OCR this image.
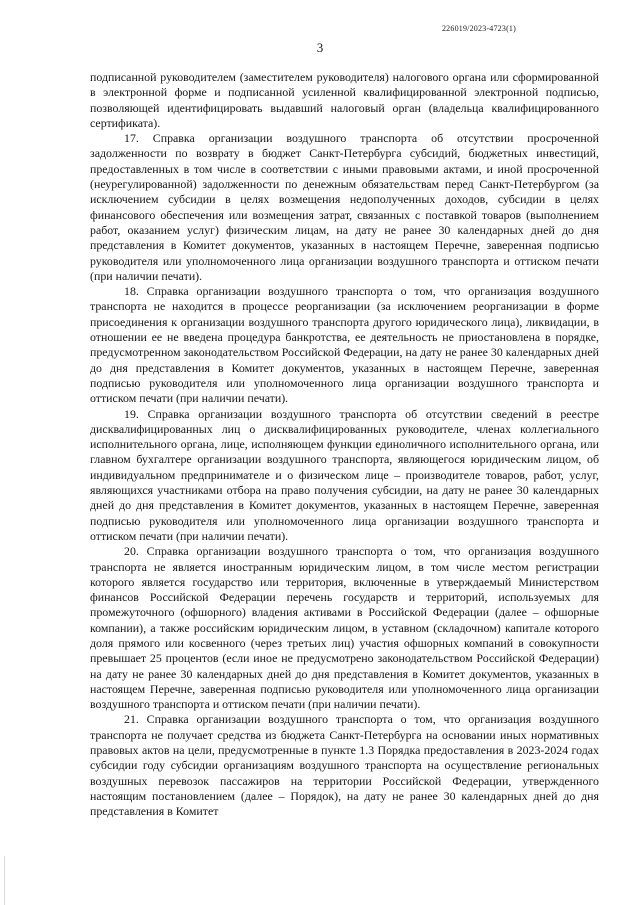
226019/2023-4723(1)
3

подписанной руководителем (заместителем руководителя) налогового органа или сформированной в электронной форме и подписанной усиленной квалифицированной электронной подписью, позволяющей идентифицировать выдавший налоговый орган (владельца квалифицированного сертификата).

17. Справка организации воздушного транспорта об отсутствии просроченной задолженности по возврату в бюджет Санкт-Петербурга субсидий, бюджетных инвестиций, предоставленных в том числе в соответствии с иными правовыми актами, и иной просроченной (неурегулированной) задолженности по денежным обязательствам перед Санкт-Петербургом (за исключением субсидии в целях возмещения недополученных доходов, субсидии в целях финансового обеспечения или возмещения затрат, связанных с поставкой товаров (выполнением работ, оказанием услуг) физическим лицам, на дату не ранее 30 календарных дней до дня представления в Комитет документов, указанных в настоящем Перечне, заверенная подписью руководителя или уполномоченного лица организации воздушного транспорта и оттиском печати (при наличии печати).

18. Справка организации воздушного транспорта о том, что организация воздушного транспорта не находится в процессе реорганизации (за исключением реорганизации в форме присоединения к организации воздушного транспорта другого юридического лица), ликвидации, в отношении ее не введена процедура банкротства, ее деятельность не приостановлена в порядке, предусмотренном законодательством Российской Федерации, на дату не ранее 30 календарных дней до дня представления в Комитет документов, указанных в настоящем Перечне, заверенная подписью руководителя или уполномоченного лица организации воздушного транспорта и оттиском печати (при наличии печати).

19. Справка организации воздушного транспорта об отсутствии сведений в реестре дисквалифицированных лиц о дисквалифицированных руководителе, членах коллегиального исполнительного органа, лице, исполняющем функции единоличного исполнительного органа, или главном бухгалтере организации воздушного транспорта, являющегося юридическим лицом, об индивидуальном предпринимателе и о физическом лице – производителе товаров, работ, услуг, являющихся участниками отбора на право получения субсидии, на дату не ранее 30 календарных дней до дня представления в Комитет документов, указанных в настоящем Перечне, заверенная подписью руководителя или уполномоченного лица организации воздушного транспорта и оттиском печати (при наличии печати).

20. Справка организации воздушного транспорта о том, что организация воздушного транспорта не является иностранным юридическим лицом, в том числе местом регистрации которого является государство или территория, включенные в утверждаемый Министерством финансов Российской Федерации перечень государств и территорий, используемых для промежуточного (офшорного) владения активами в Российской Федерации (далее – офшорные компании), а также российским юридическим лицом, в уставном (складочном) капитале которого доля прямого или косвенного (через третьих лиц) участия офшорных компаний в совокупности превышает 25 процентов (если иное не предусмотрено законодательством Российской Федерации) на дату не ранее 30 календарных дней до дня представления в Комитет документов, указанных в настоящем Перечне, заверенная подписью руководителя или уполномоченного лица организации воздушного транспорта и оттиском печати (при наличии печати).

21. Справка организации воздушного транспорта о том, что организация воздушного транспорта не получает средства из бюджета Санкт-Петербурга на основании иных нормативных правовых актов на цели, предусмотренные в пункте 1.3 Порядка предоставления в 2023-2024 годах субсидии году субсидии организациям воздушного транспорта на осуществление региональных воздушных перевозок пассажиров на территории Российской Федерации, утвержденного настоящим постановлением (далее – Порядок), на дату не ранее 30 календарных дней до дня представления в Комитет
